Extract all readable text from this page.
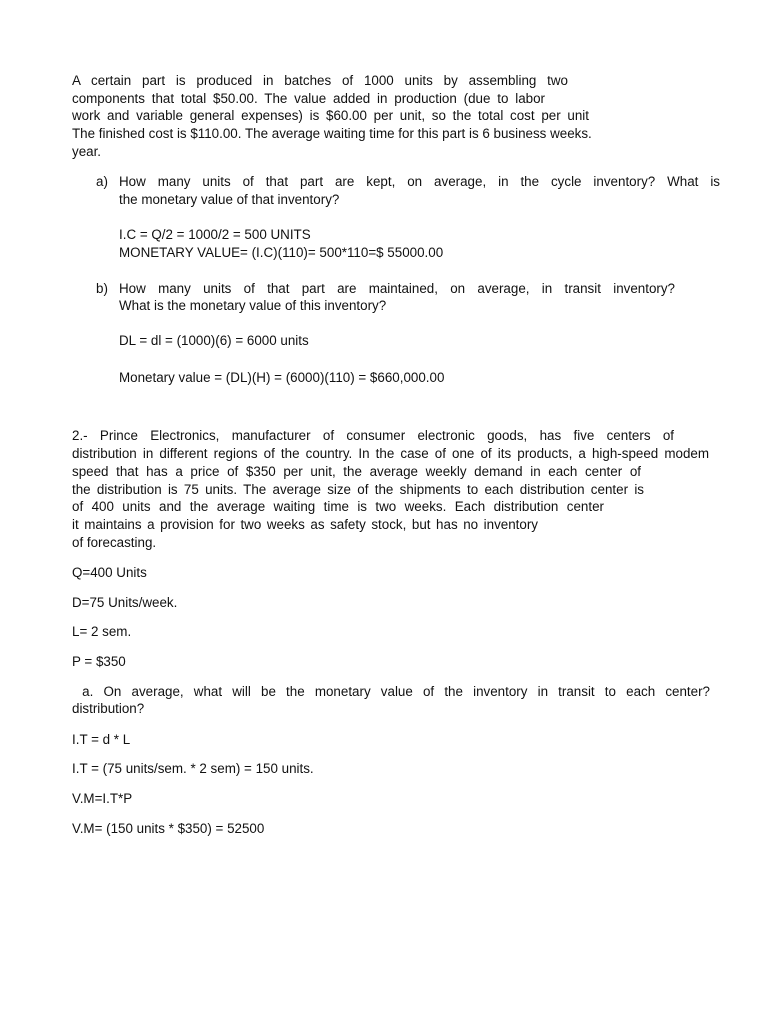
A certain part is produced in batches of 1000 units by assembling two
components that total $50.00. The value added in production (due to labor
work and variable general expenses) is $60.00 per unit, so the total cost per unit
The finished cost is $110.00. The average waiting time for this part is 6 business weeks.
year.
a) How many units of that part are kept, on average, in the cycle inventory? What is
the monetary value of that inventory?
I.C = Q/2 = 1000/2 = 500 UNITS
MONETARY VALUE= (I.C)(110)= 500*110=$ 55000.00
b) How many units of that part are maintained, on average, in transit inventory?
What is the monetary value of this inventory?
DL = dl = (1000)(6) = 6000 units
Monetary value = (DL)(H) = (6000)(110) = $660,000.00
2.- Prince Electronics, manufacturer of consumer electronic goods, has five centers of
distribution in different regions of the country. In the case of one of its products, a high-speed modem
speed that has a price of $350 per unit, the average weekly demand in each center of
the distribution is 75 units. The average size of the shipments to each distribution center is
of 400 units and the average waiting time is two weeks. Each distribution center
it maintains a provision for two weeks as safety stock, but has no inventory
of forecasting.
Q=400 Units
D=75 Units/week.
L= 2 sem.
P = $350
a. On average, what will be the monetary value of the inventory in transit to each center?
distribution?
I.T = d * L
I.T = (75 units/sem. * 2 sem) = 150 units.
V.M=I.T*P
V.M= (150 units * $350) = 52500
